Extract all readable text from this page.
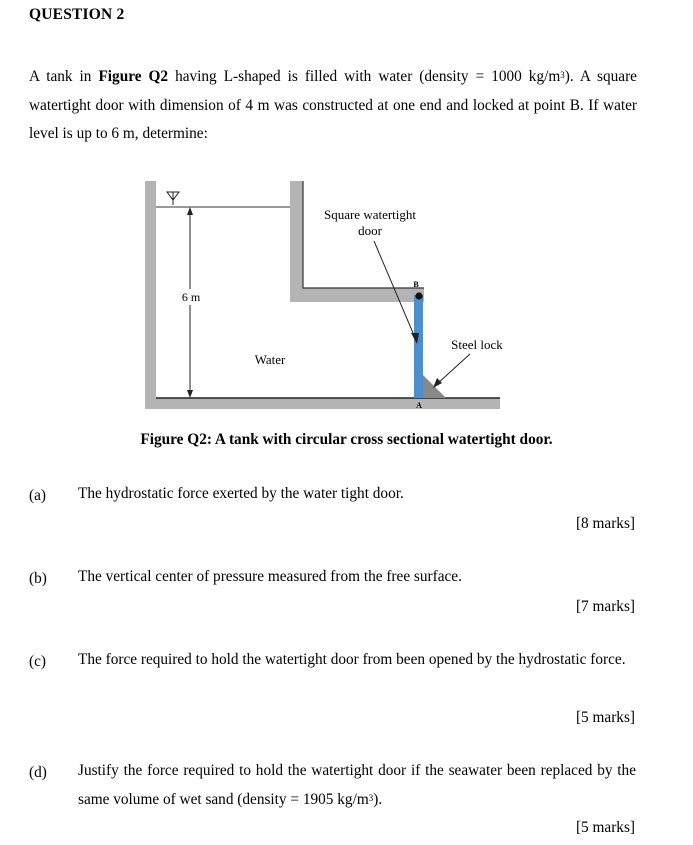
QUESTION 2
A tank in Figure Q2 having L-shaped is filled with water (density = 1000 $kg/m^3$). A square watertight door with dimension of 4 m was constructed at one end and locked at point B. If water level is up to 6 m, determine:
6 m
Square watertight
door
B
A
Water
Steel lock
Figure Q2: A tank with circular cross sectional watertight door.
(a) The hydrostatic force exerted by the water tight door.
[8 marks]
(b) The vertical center of pressure measured from the free surface.
[7 marks]
(c) The force required to hold the watertight door from been opened by the hydrostatic force.
[5 marks]
(d) Justify the force required to hold the watertight door if the seawater been replaced by the same volume of wet sand (density = 1905 $kg/m^3$).
[5 marks]
